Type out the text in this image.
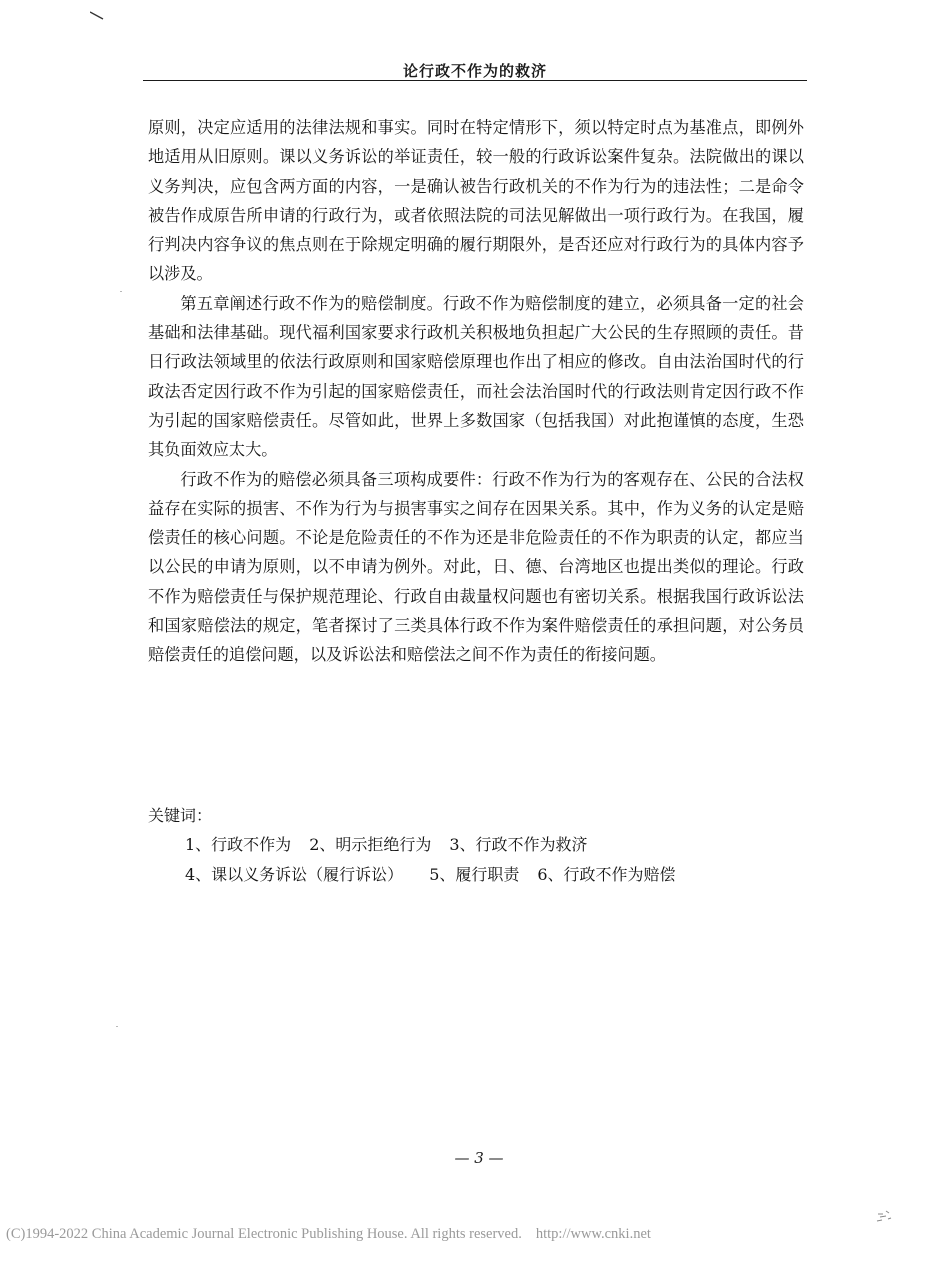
论行政不作为的救济

原则，决定应适用的法律法规和事实。同时在特定情形下，须以特定时点为基准点，即例外地适用从旧原则。课以义务诉讼的举证责任，较一般的行政诉讼案件复杂。法院做出的课以义务判决，应包含两方面的内容，一是确认被告行政机关的不作为行为的违法性；二是命令被告作成原告所申请的行政行为，或者依照法院的司法见解做出一项行政行为。在我国，履行判决内容争议的焦点则在于除规定明确的履行期限外，是否还应对行政行为的具体内容予以涉及。

第五章阐述行政不作为的赔偿制度。行政不作为赔偿制度的建立，必须具备一定的社会基础和法律基础。现代福利国家要求行政机关积极地负担起广大公民的生存照顾的责任。昔日行政法领域里的依法行政原则和国家赔偿原理也作出了相应的修改。自由法治国时代的行政法否定因行政不作为引起的国家赔偿责任，而社会法治国时代的行政法则肯定因行政不作为引起的国家赔偿责任。尽管如此，世界上多数国家（包括我国）对此抱谨慎的态度，生恐其负面效应太大。

行政不作为的赔偿必须具备三项构成要件：行政不作为行为的客观存在、公民的合法权益存在实际的损害、不作为行为与损害事实之间存在因果关系。其中，作为义务的认定是赔偿责任的核心问题。不论是危险责任的不作为还是非危险责任的不作为职责的认定，都应当以公民的申请为原则，以不申请为例外。对此，日、德、台湾地区也提出类似的理论。行政不作为赔偿责任与保护规范理论、行政自由裁量权问题也有密切关系。根据我国行政诉讼法和国家赔偿法的规定，笔者探讨了三类具体行政不作为案件赔偿责任的承担问题，对公务员赔偿责任的追偿问题，以及诉讼法和赔偿法之间不作为责任的衔接问题。

关键词：
1、行政不作为 2、明示拒绝行为 3、行政不作为救济
4、课以义务诉讼（履行诉讼） 5、履行职责 6、行政不作为赔偿
— 3 —
(C)1994-2022 China Academic Journal Electronic Publishing House. All rights reserved. http://www.cnki.net
